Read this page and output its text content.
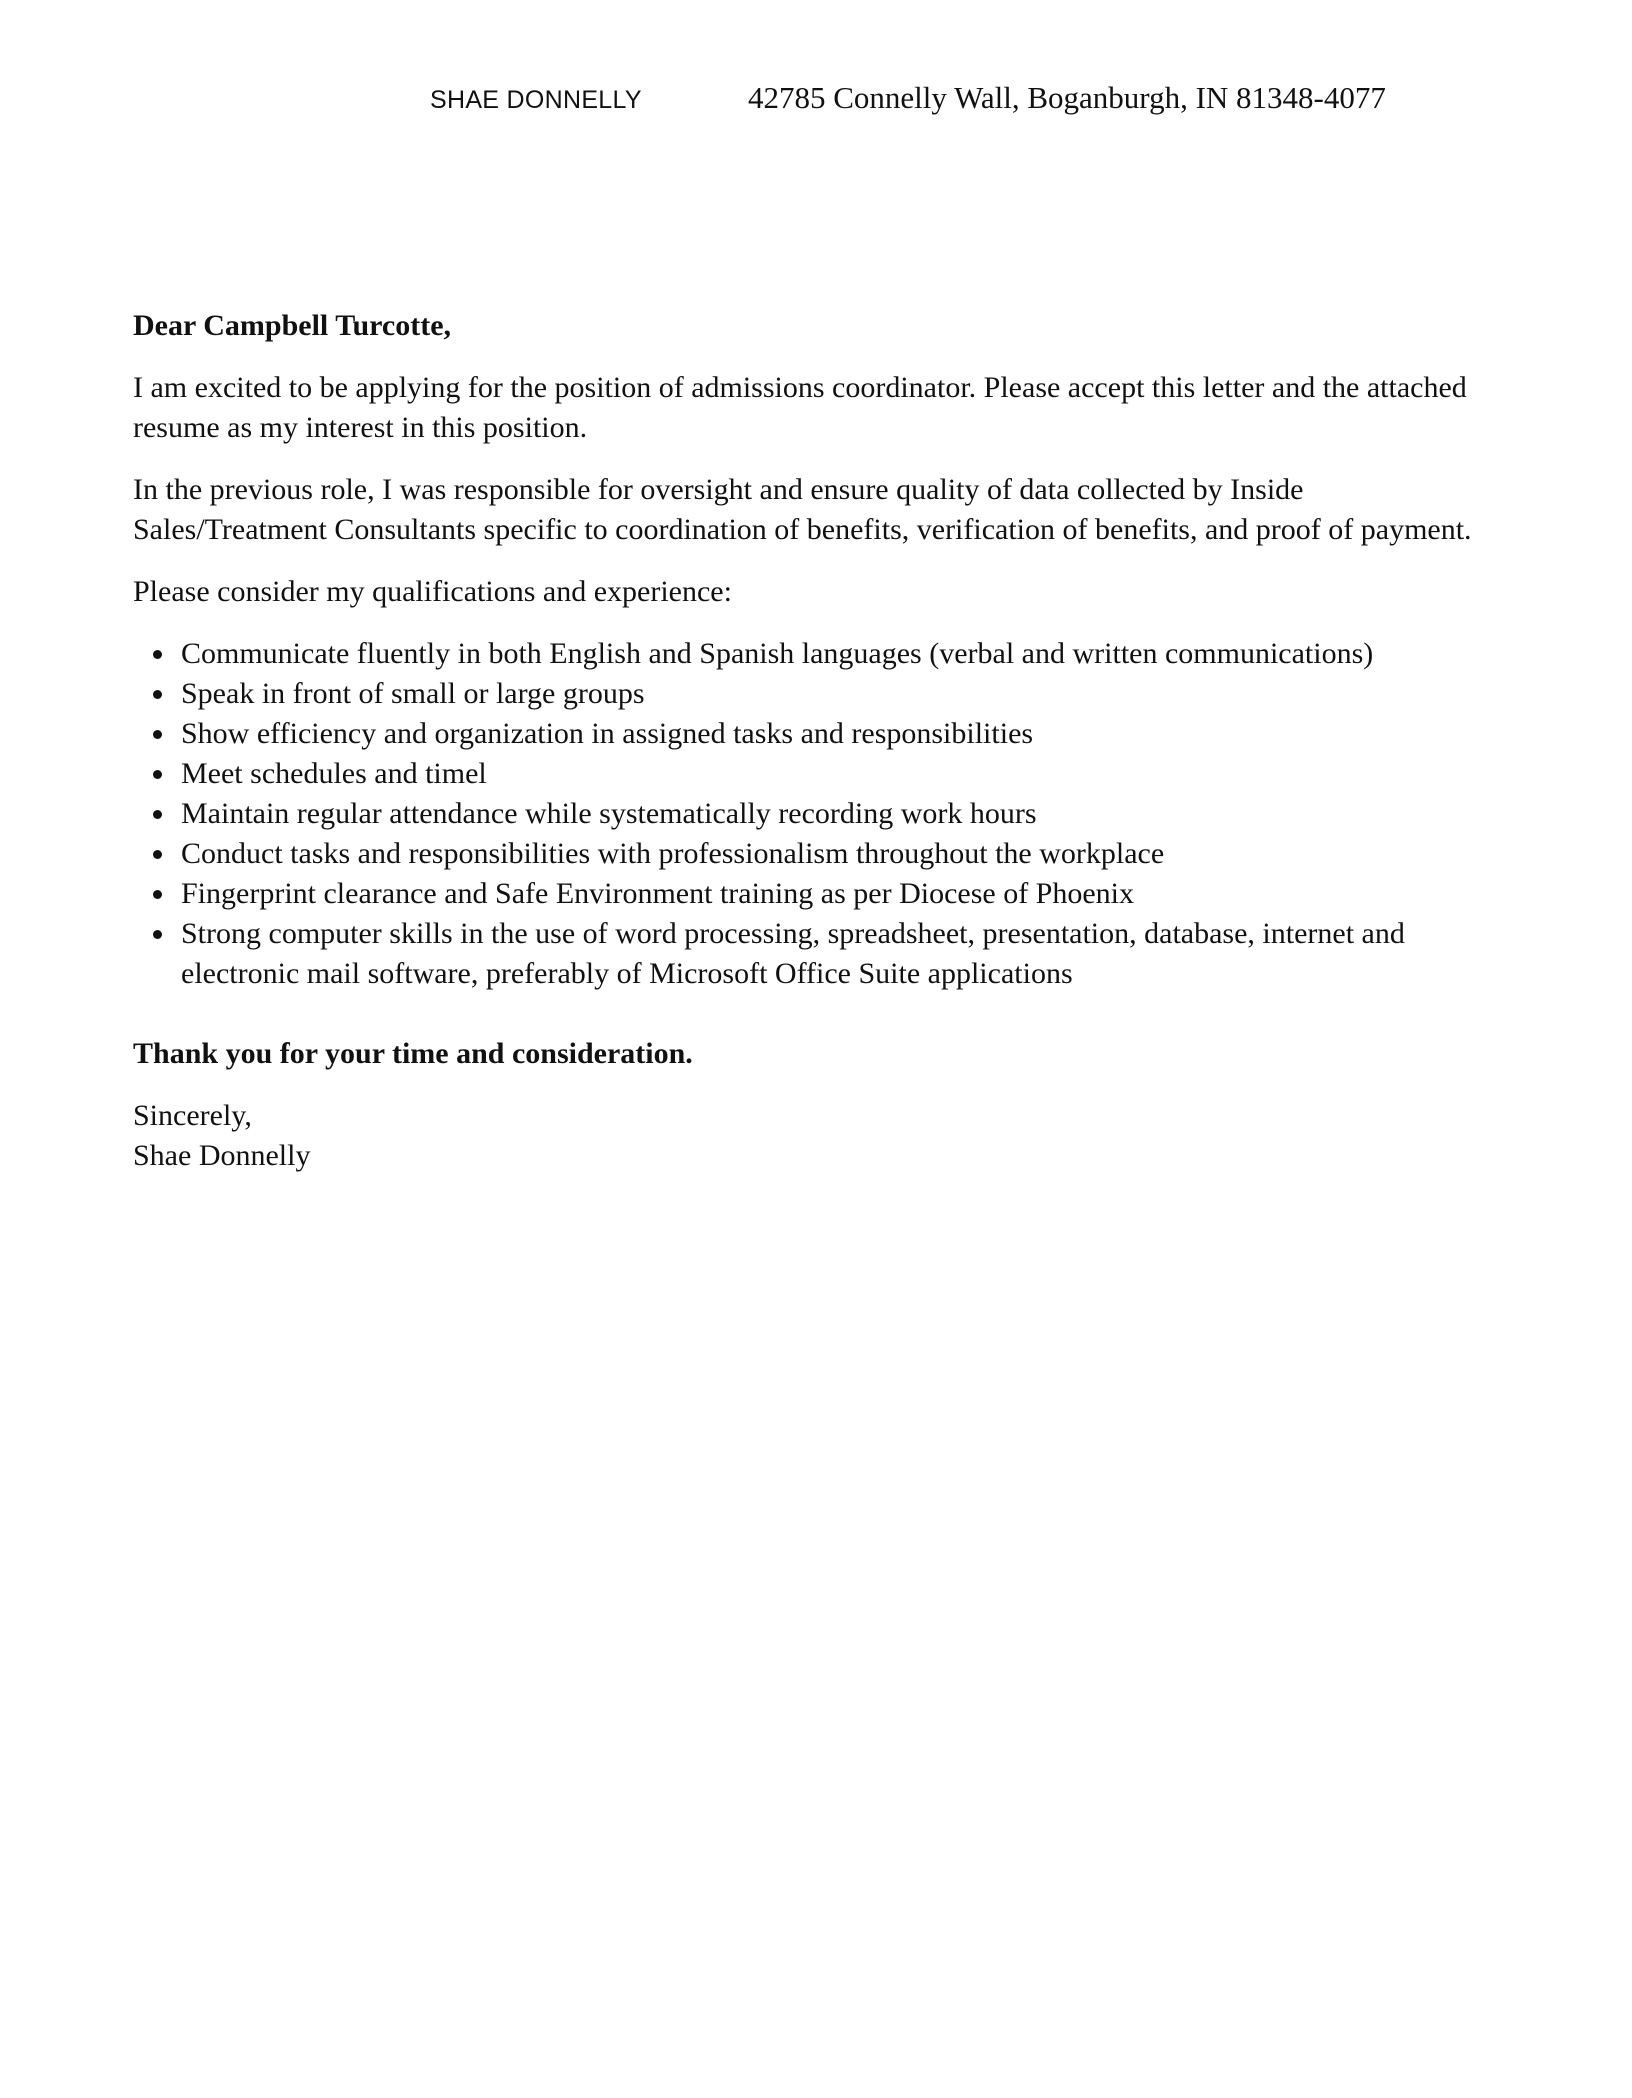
SHAE DONNELLY	42785 Connelly Wall, Boganburgh, IN 81348-4077

Dear Campbell Turcotte,

I am excited to be applying for the position of admissions coordinator. Please accept this letter and the attached resume as my interest in this position.

In the previous role, I was responsible for oversight and ensure quality of data collected by Inside Sales/Treatment Consultants specific to coordination of benefits, verification of benefits, and proof of payment.

Please consider my qualifications and experience:

Communicate fluently in both English and Spanish languages (verbal and written communications)
Speak in front of small or large groups
Show efficiency and organization in assigned tasks and responsibilities
Meet schedules and timel
Maintain regular attendance while systematically recording work hours
Conduct tasks and responsibilities with professionalism throughout the workplace
Fingerprint clearance and Safe Environment training as per Diocese of Phoenix
Strong computer skills in the use of word processing, spreadsheet, presentation, database, internet and electronic mail software, preferably of Microsoft Office Suite applications

Thank you for your time and consideration.

Sincerely,

Shae Donnelly
